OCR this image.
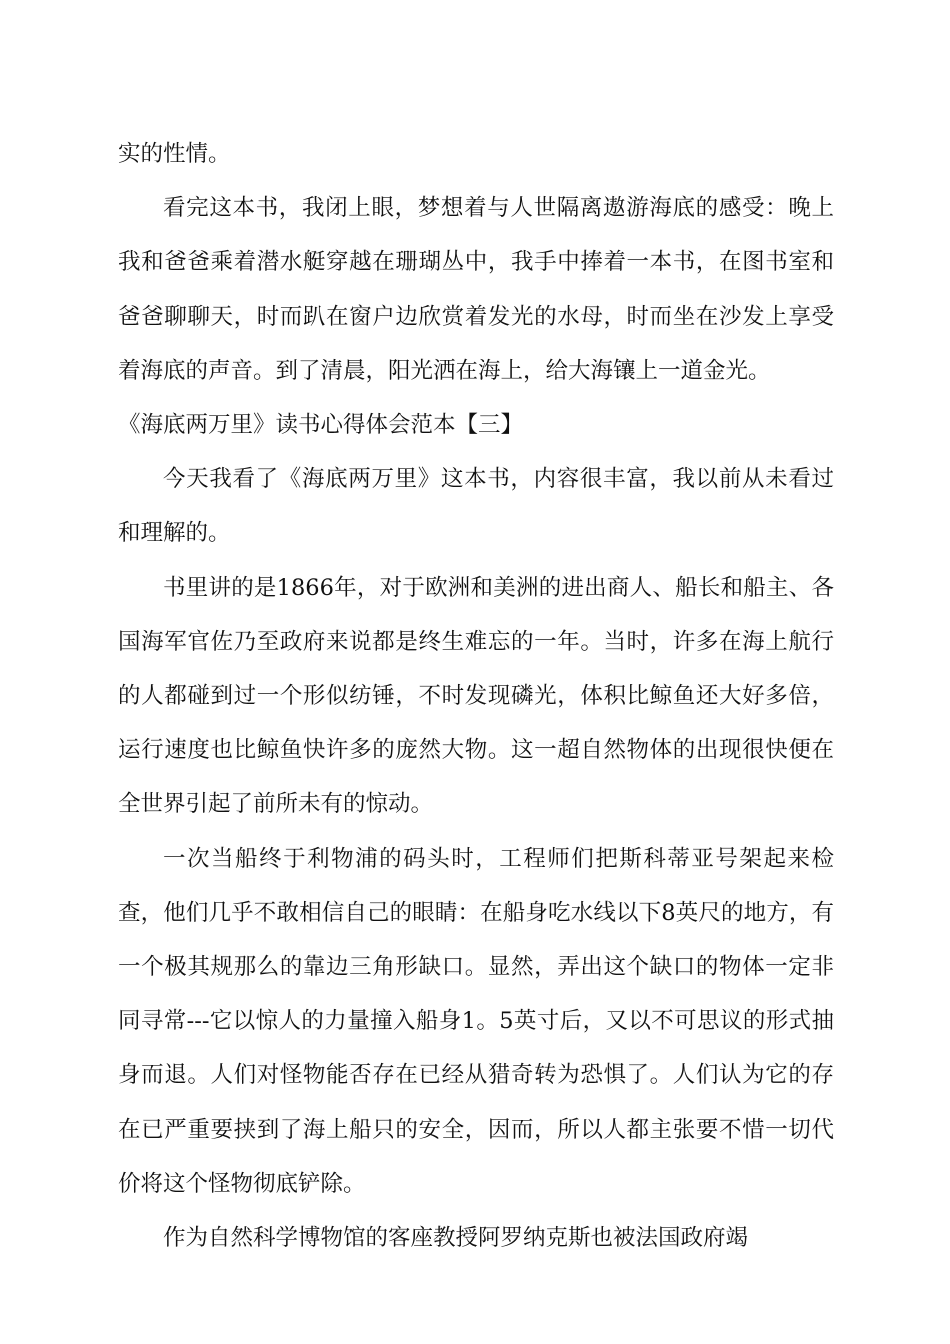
实的性情。

看完这本书，我闭上眼，梦想着与人世隔离遨游海底的感受：晚上我和爸爸乘着潜水艇穿越在珊瑚丛中，我手中捧着一本书，在图书室和爸爸聊聊天，时而趴在窗户边欣赏着发光的水母，时而坐在沙发上享受着海底的声音。到了清晨，阳光洒在海上，给大海镶上一道金光。

《海底两万里》读书心得体会范本【三】

今天我看了《海底两万里》这本书，内容很丰富，我以前从未看过和理解的。

书里讲的是1866年，对于欧洲和美洲的进出商人、船长和船主、各国海军官佐乃至政府来说都是终生难忘的一年。当时，许多在海上航行的人都碰到过一个形似纺锤，不时发现磷光，体积比鲸鱼还大好多倍，运行速度也比鲸鱼快许多的庞然大物。这一超自然物体的出现很快便在全世界引起了前所未有的惊动。

一次当船终于利物浦的码头时，工程师们把斯科蒂亚号架起来检查，他们几乎不敢相信自己的眼睛：在船身吃水线以下8英尺的地方，有一个极其规那么的靠边三角形缺口。显然，弄出这个缺口的物体一定非同寻常---它以惊人的力量撞入船身1。5英寸后，又以不可思议的形式抽身而退。人们对怪物能否存在已经从猎奇转为恐惧了。人们认为它的存在已严重要挟到了海上船只的安全，因而，所以人都主张要不惜一切代价将这个怪物彻底铲除。

作为自然科学博物馆的客座教授阿罗纳克斯也被法国政府竭
